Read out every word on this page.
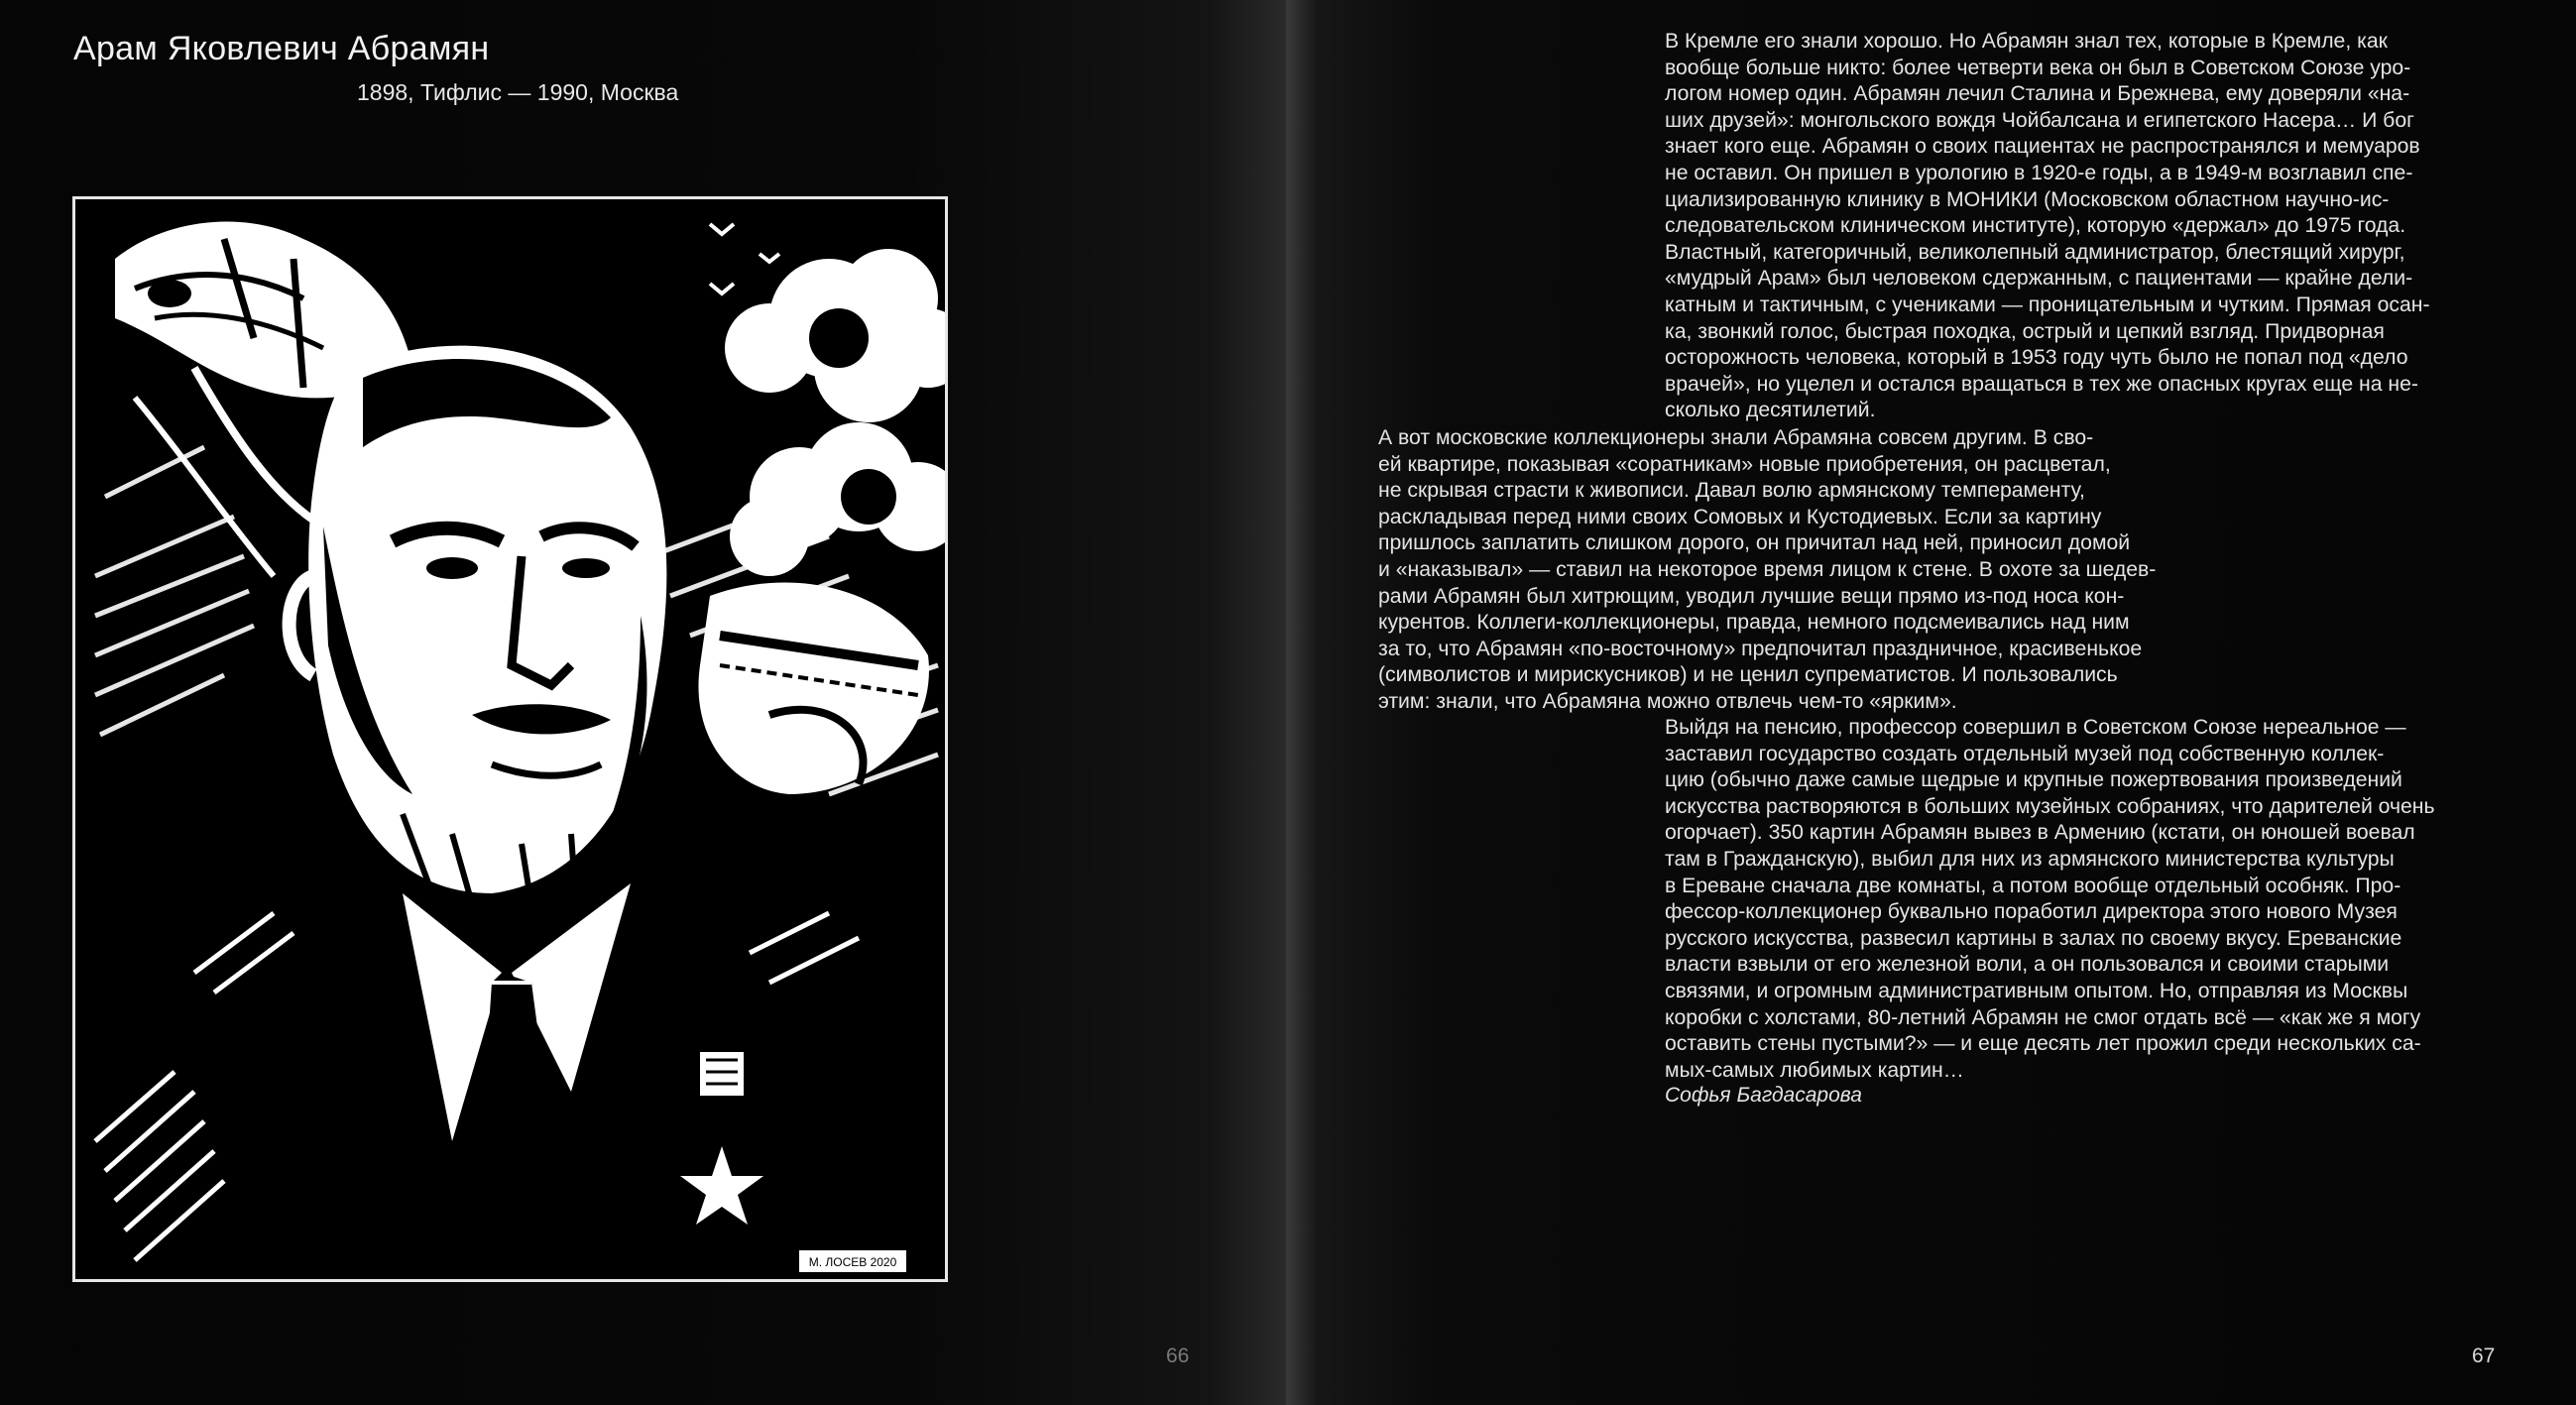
Арам Яковлевич Абрамян
1898, Тифлис — 1990, Москва
М. ЛОСЕВ 2020
66

В Кремле его знали хорошо. Но Абрамян знал тех, которые в Кремле, как
вообще больше никто: более четверти века он был в Советском Союзе уро-
логом номер один. Абрамян лечил Сталина и Брежнева, ему доверяли «на-
ших друзей»: монгольского вождя Чойбалсана и египетского Насера… И бог
знает кого еще. Абрамян о своих пациентах не распространялся и мемуаров
не оставил. Он пришел в урологию в 1920-е годы, а в 1949-м возглавил спе-
циализированную клинику в МОНИКИ (Московском областном научно-ис-
следовательском клиническом институте), которую «держал» до 1975 года.
Властный, категоричный, великолепный администратор, блестящий хирург,
«мудрый Арам» был человеком сдержанным, с пациентами — крайне дели-
катным и тактичным, с учениками — проницательным и чутким. Прямая осан-
ка, звонкий голос, быстрая походка, острый и цепкий взгляд. Придворная
осторожность человека, который в 1953 году чуть было не попал под «дело
врачей», но уцелел и остался вращаться в тех же опасных кругах еще на не-
сколько десятилетий.

А вот московские коллекционеры знали Абрамяна совсем другим. В сво-
ей квартире, показывая «соратникам» новые приобретения, он расцветал,
не скрывая страсти к живописи. Давал волю армянскому темпераменту,
раскладывая перед ними своих Сомовых и Кустодиевых. Если за картину
пришлось заплатить слишком дорого, он причитал над ней, приносил домой
и «наказывал» — ставил на некоторое время лицом к стене. В охоте за шедев-
рами Абрамян был хитрющим, уводил лучшие вещи прямо из-под носа кон-
курентов. Коллеги-коллекционеры, правда, немного подсмеивались над ним
за то, что Абрамян «по-восточному» предпочитал праздничное, красивенькое
(символистов и мирискусников) и не ценил супрематистов. И пользовались
этим: знали, что Абрамяна можно отвлечь чем-то «ярким».

Выйдя на пенсию, профессор совершил в Советском Союзе нереальное —
заставил государство создать отдельный музей под собственную коллек-
цию (обычно даже самые щедрые и крупные пожертвования произведений
искусства растворяются в больших музейных собраниях, что дарителей очень
огорчает). 350 картин Абрамян вывез в Армению (кстати, он юношей воевал
там в Гражданскую), выбил для них из армянского министерства культуры
в Ереване сначала две комнаты, а потом вообще отдельный особняк. Про-
фессор-коллекционер буквально поработил директора этого нового Музея
русского искусства, развесил картины в залах по своему вкусу. Ереванские
власти взвыли от его железной воли, а он пользовался и своими старыми
связями, и огромным административным опытом. Но, отправляя из Москвы
коробки с холстами, 80-летний Абрамян не смог отдать всё — «как же я могу
оставить стены пустыми?» — и еще десять лет прожил среди нескольких са-
мых-самых любимых картин…

Софья Багдасарова
67
